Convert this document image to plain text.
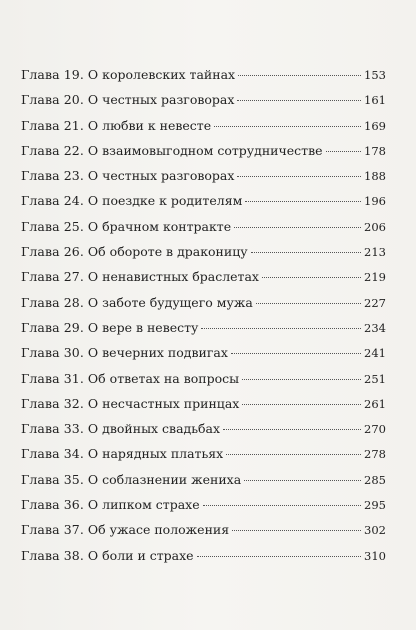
Глава 19. О королевских тайнах	153
Глава 20. О честных разговорах	161
Глава 21. О любви к невесте	169
Глава 22. О взаимовыгодном сотрудничестве	178
Глава 23. О честных разговорах	188
Глава 24. О поездке к родителям	196
Глава 25. О брачном контракте	206
Глава 26. Об обороте в драконицу	213
Глава 27. О ненавистных браслетах	219
Глава 28. О заботе будущего мужа	227
Глава 29. О вере в невесту	234
Глава 30. О вечерних подвигах	241
Глава 31. Об ответах на вопросы	251
Глава 32. О несчастных принцах	261
Глава 33. О двойных свадьбах	270
Глава 34. О нарядных платьях	278
Глава 35. О соблазнении жениха	285
Глава 36. О липком страхе	295
Глава 37. Об ужасе положения	302
Глава 38. О боли и страхе	310
